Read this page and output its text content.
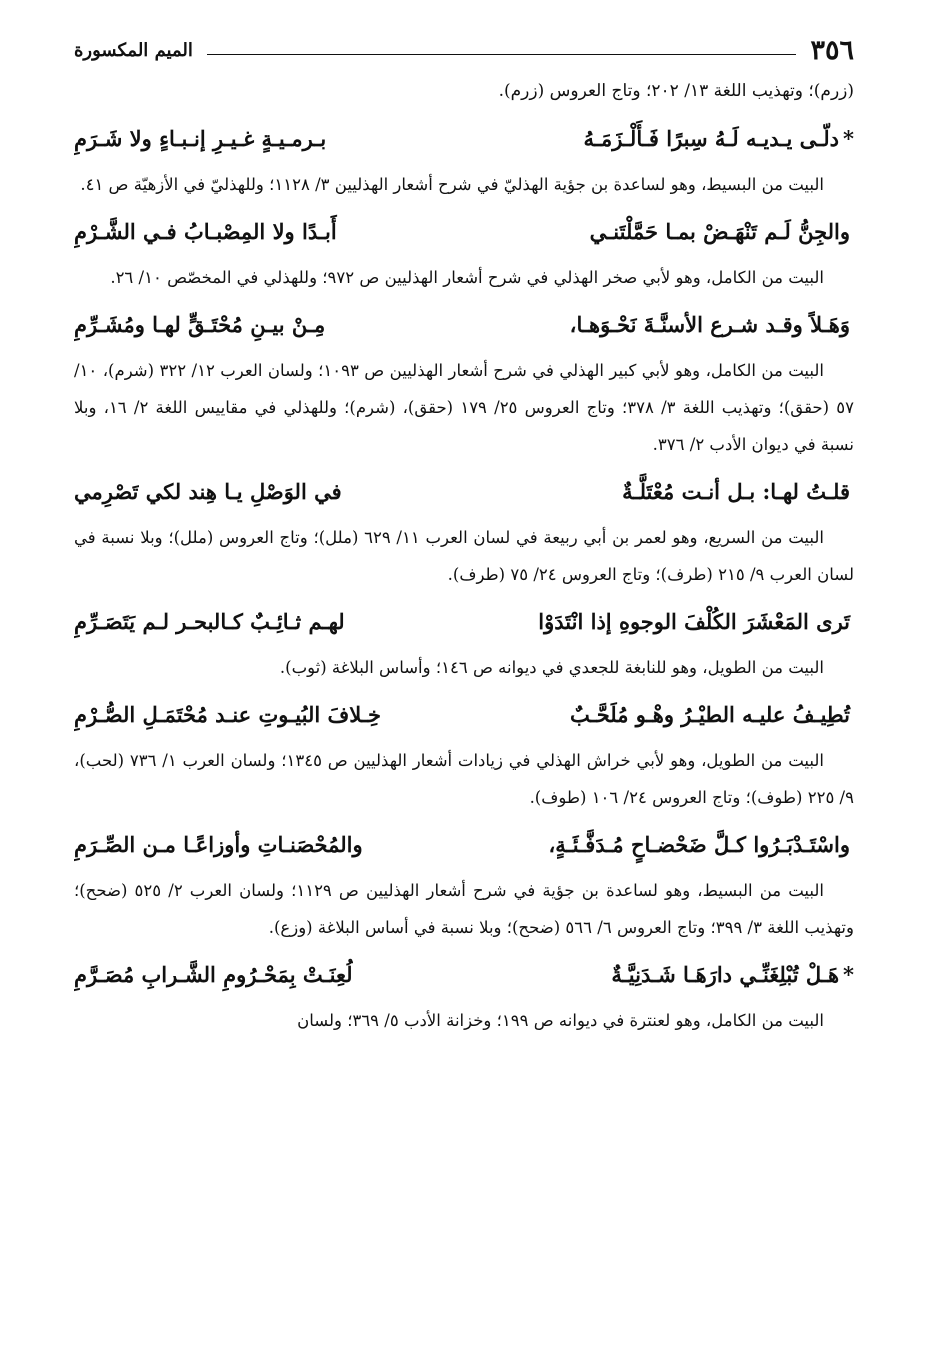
٣٥٦
الميم المكسورة

(زرم)؛ وتهذيب اللغة ١٣/ ٢٠٢؛ وتاج العروس (زرم).

*دلّـى يـديـه لَـهُ سِبرًا فَـأَلْـزَمَـهُ
بـرمـيـةٍ غـيـرِ إنـبـاءٍ ولا شَـرَمِ

البيت من البسيط، وهو لساعدة بن جؤية الهذليّ في شرح أشعار الهذليين ٣/ ١١٢٨؛ وللهذليّ في الأزهيّة ص ٤١.

والجِنُّ لَـم تَنْهَـضْ بمـا حَمَّلْتَنـي
أَبـدًا ولا المِصْبـابُ فـي الشَّـرْمِ

البيت من الكامل، وهو لأبي صخر الهذلي في شرح أشعار الهذليين ص ٩٧٢؛ وللهذلي في المخصّص ١٠/ ٢٦.

وَهَـلاً وقـد شـرع الأسنَّـةَ نَحْـوَهـا،
مِـنْ بيـنِ مُحْتَـقٍّ لهـا ومُشَـرِّمِ

البيت من الكامل، وهو لأبي كبير الهذلي في شرح أشعار الهذليين ص ١٠٩٣؛ ولسان العرب ١٢/ ٣٢٢ (شرم)، ١٠/ ٥٧ (حقق)؛ وتهذيب اللغة ٣/ ٣٧٨؛ وتاج العروس ٢٥/ ١٧٩ (حقق)، (شرم)؛ وللهذلي في مقاييس اللغة ٢/ ١٦، وبلا نسبة في ديوان الأدب ٢/ ٣٧٦.

قلـتُ لهـا: بـل أنـت مُعْتَلَّـةٌ
في الوَصْلِ يـا هِند لكي تَصْرِمي

البيت من السريع، وهو لعمر بن أبي ربيعة في لسان العرب ١١/ ٦٢٩ (ملل)؛ وتاج العروس (ملل)؛ وبلا نسبة في لسان العرب ٩/ ٢١٥ (طرف)؛ وتاج العروس ٢٤/ ٧٥ (طرف).

تَرى المَعْشَرَ الكُلْفَ الوجوهِ إذا انْتَدَوْا
لهـم ثـائِـبٌ كـالبحـر لـم يَتَصَـرِّمِ

البيت من الطويل، وهو للنابغة للجعدي في ديوانه ص ١٤٦؛ وأساس البلاغة (ثوب).

تُطِيـفُ عليـه الطيْـرُ وهْـو مُلَحَّـبٌ
خِـلافَ البُيـوتِ عنـد مُحْتَمَـلِ الصُّـرْمِ

البيت من الطويل، وهو لأبي خراش الهذلي في زيادات أشعار الهذليين ص ١٣٤٥؛ ولسان العرب ١/ ٧٣٦ (لحب)، ٩/ ٢٢٥ (طوف)؛ وتاج العروس ٢٤/ ١٠٦ (طوف).

واسْتَـدْبَـرُوا كـلَّ ضَحْضـاحٍ مُـدَفَّـئَـةٍ،
والمُحْصَنـاتِ وأوزاعًـا مـن الصِّـرَمِ

البيت من البسيط، وهو لساعدة بن جؤية في شرح أشعار الهذليين ص ١١٢٩؛ ولسان العرب ٢/ ٥٢٥ (ضحح)؛ وتهذيب اللغة ٣/ ٣٩٩؛ وتاج العروس ٦/ ٥٦٦ (ضحح)؛ وبلا نسبة في أساس البلاغة (وزع).

*هَـلْ تُبْلِغَنِّـي دارَهَـا شَـدَنِيَّـةٌ
لُعِنَـتْ بِمَحْـرُومِ الشَّـرابِ مُصَـرَّمِ

البيت من الكامل، وهو لعنترة في ديوانه ص ١٩٩؛ وخزانة الأدب ٥/ ٣٦٩؛ ولسان
